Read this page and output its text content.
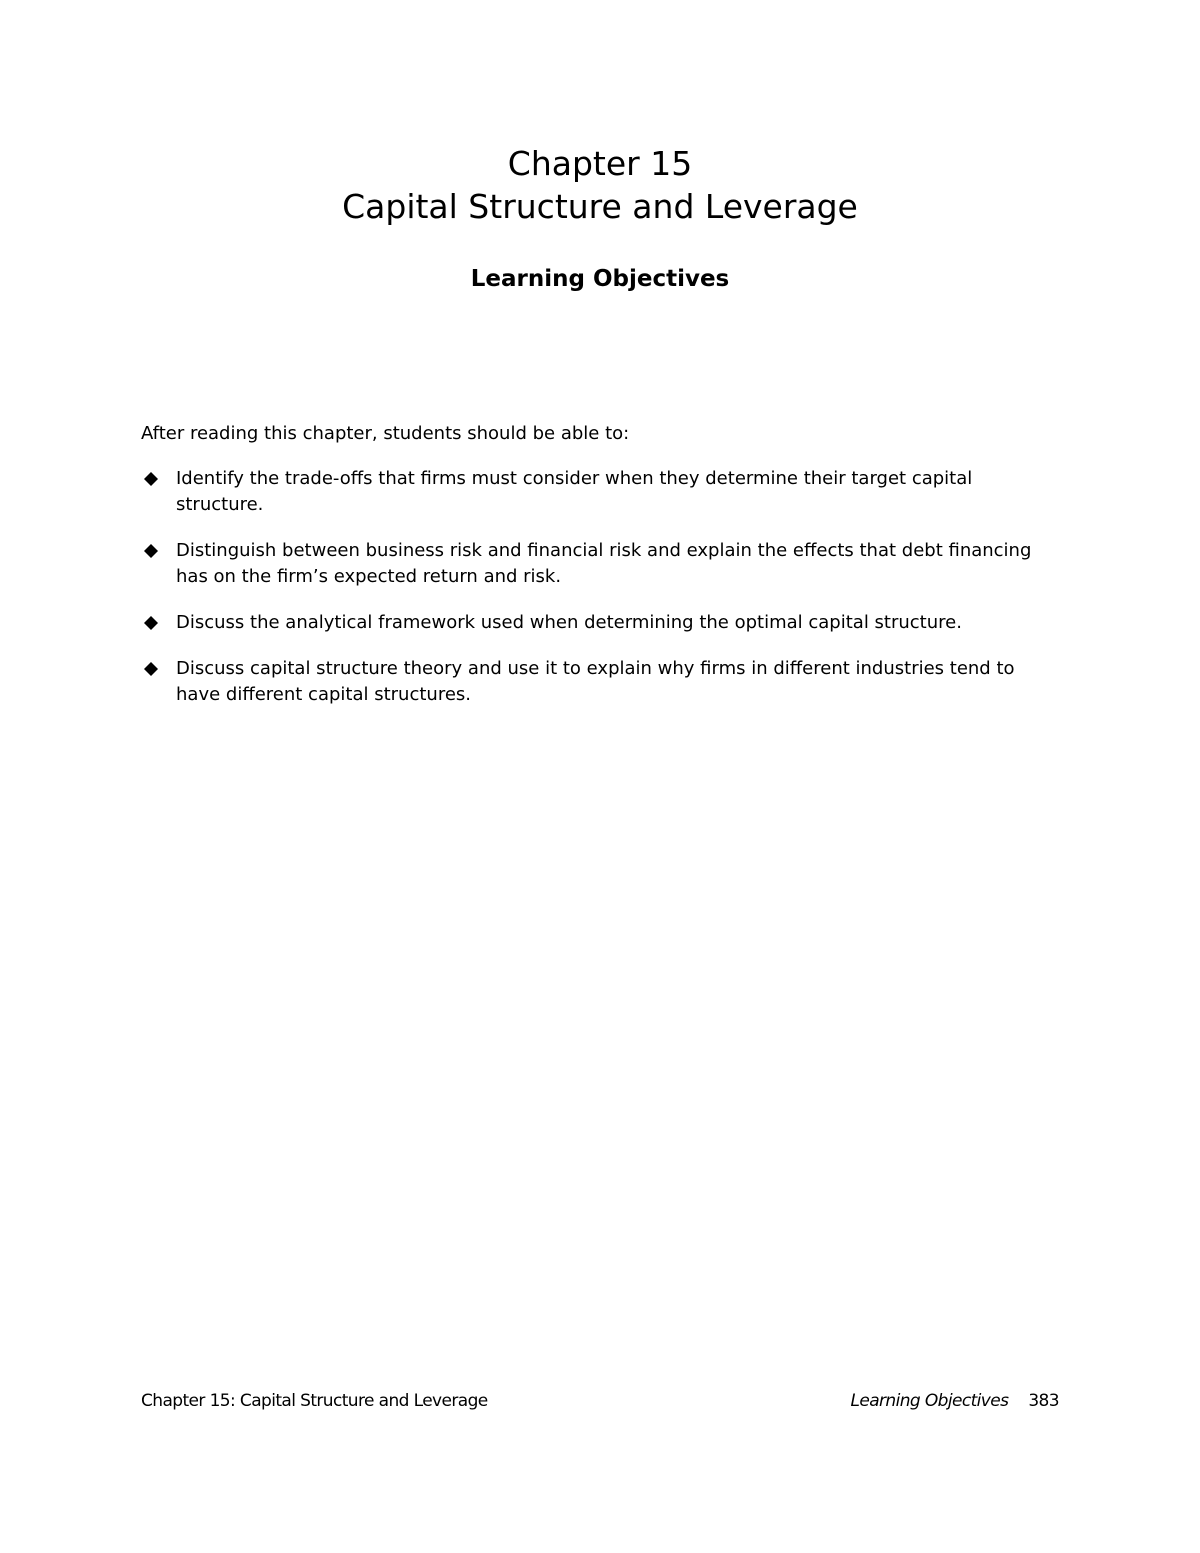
Chapter 15
Capital Structure and Leverage
Learning Objectives
After reading this chapter, students should be able to:
Identify the trade-offs that firms must consider when they determine their target capital structure.
Distinguish between business risk and financial risk and explain the effects that debt financing has on the firm’s expected return and risk.
Discuss the analytical framework used when determining the optimal capital structure.
Discuss capital structure theory and use it to explain why firms in different industries tend to have different capital structures.
Chapter 15: Capital Structure and Leverage	Learning Objectives 383
